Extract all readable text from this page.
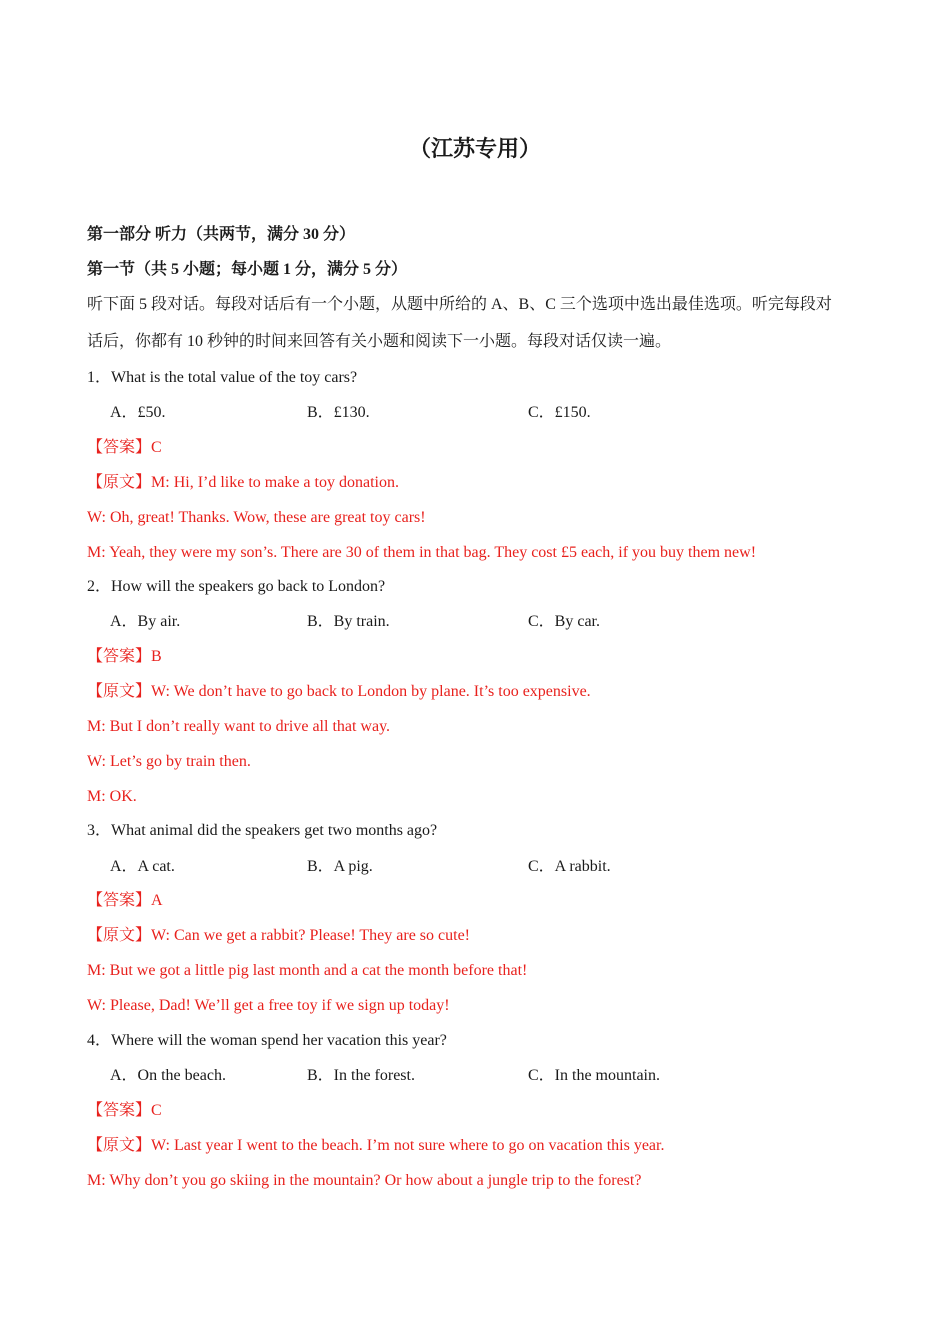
（江苏专用）
第一部分 听力（共两节，满分 30 分）
第一节（共 5 小题；每小题 1 分，满分 5 分）
听下面 5 段对话。每段对话后有一个小题，从题中所给的 A、B、C 三个选项中选出最佳选项。听完每段对
话后，你都有 10 秒钟的时间来回答有关小题和阅读下一小题。每段对话仅读一遍。
1．What is the total value of the toy cars?
A．£50.	B．£130.	C．£150.
【答案】C
【原文】M: Hi, I’d like to make a toy donation.
W: Oh, great! Thanks. Wow, these are great toy cars!
M: Yeah, they were my son’s. There are 30 of them in that bag. They cost £5 each, if you buy them new!
2．How will the speakers go back to London?
A．By air.	B．By train.	C．By car.
【答案】B
【原文】W: We don’t have to go back to London by plane. It’s too expensive.
M: But I don’t really want to drive all that way.
W: Let’s go by train then.
M: OK.
3．What animal did the speakers get two months ago?
A．A cat.	B．A pig.	C．A rabbit.
【答案】A
【原文】W: Can we get a rabbit? Please! They are so cute!
M: But we got a little pig last month and a cat the month before that!
W: Please, Dad! We’ll get a free toy if we sign up today!
4．Where will the woman spend her vacation this year?
A．On the beach.	B．In the forest.	C．In the mountain.
【答案】C
【原文】W: Last year I went to the beach. I’m not sure where to go on vacation this year.
M: Why don’t you go skiing in the mountain? Or how about a jungle trip to the forest?
